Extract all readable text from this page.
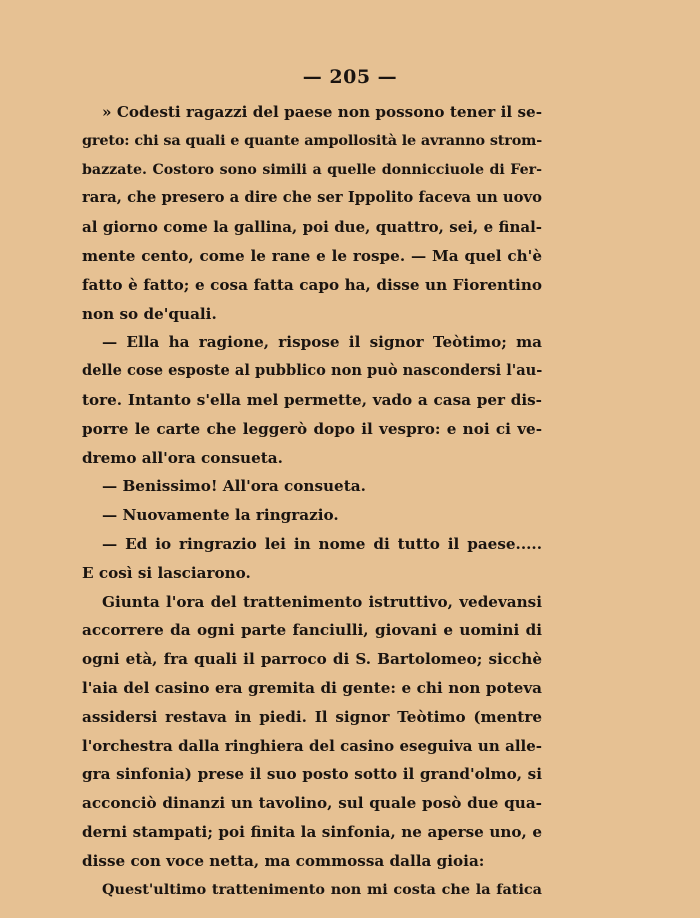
— 205 —
» Codesti ragazzi del paese non possono tener il se-
greto: chi sa quali e quante ampollosità le avranno strom-
bazzate. Costoro sono simili a quelle donnicciuole di Fer-
rara, che presero a dire che ser Ippolito faceva un uovo
al giorno come la gallina, poi due, quattro, sei, e final-
mente cento, come le rane e le rospe. — Ma quel ch'è
fatto è fatto; e cosa fatta capo ha, disse un Fiorentino
non so de'quali.
— Ella ha ragione, rispose il signor Teòtimo; ma
delle cose esposte al pubblico non può nascondersi l'au-
tore. Intanto s'ella mel permette, vado a casa per dis-
porre le carte che leggerò dopo il vespro: e noi ci ve-
dremo all'ora consueta.
— Benissimo! All'ora consueta.
— Nuovamente la ringrazio.
— Ed io ringrazio lei in nome di tutto il paese.....
E così si lasciarono.
Giunta l'ora del trattenimento istruttivo, vedevansi
accorrere da ogni parte fanciulli, giovani e uomini di
ogni età, fra quali il parroco di S. Bartolomeo; sicchè
l'aia del casino era gremita di gente: e chi non poteva
assidersi restava in piedi. Il signor Teòtimo (mentre
l'orchestra dalla ringhiera del casino eseguiva un alle-
gra sinfonia) prese il suo posto sotto il grand'olmo, si
acconciò dinanzi un tavolino, sul quale posò due qua-
derni stampati; poi finita la sinfonia, ne aperse uno, e
disse con voce netta, ma commossa dalla gioia:
Quest'ultimo trattenimento non mi costa che la fatica
